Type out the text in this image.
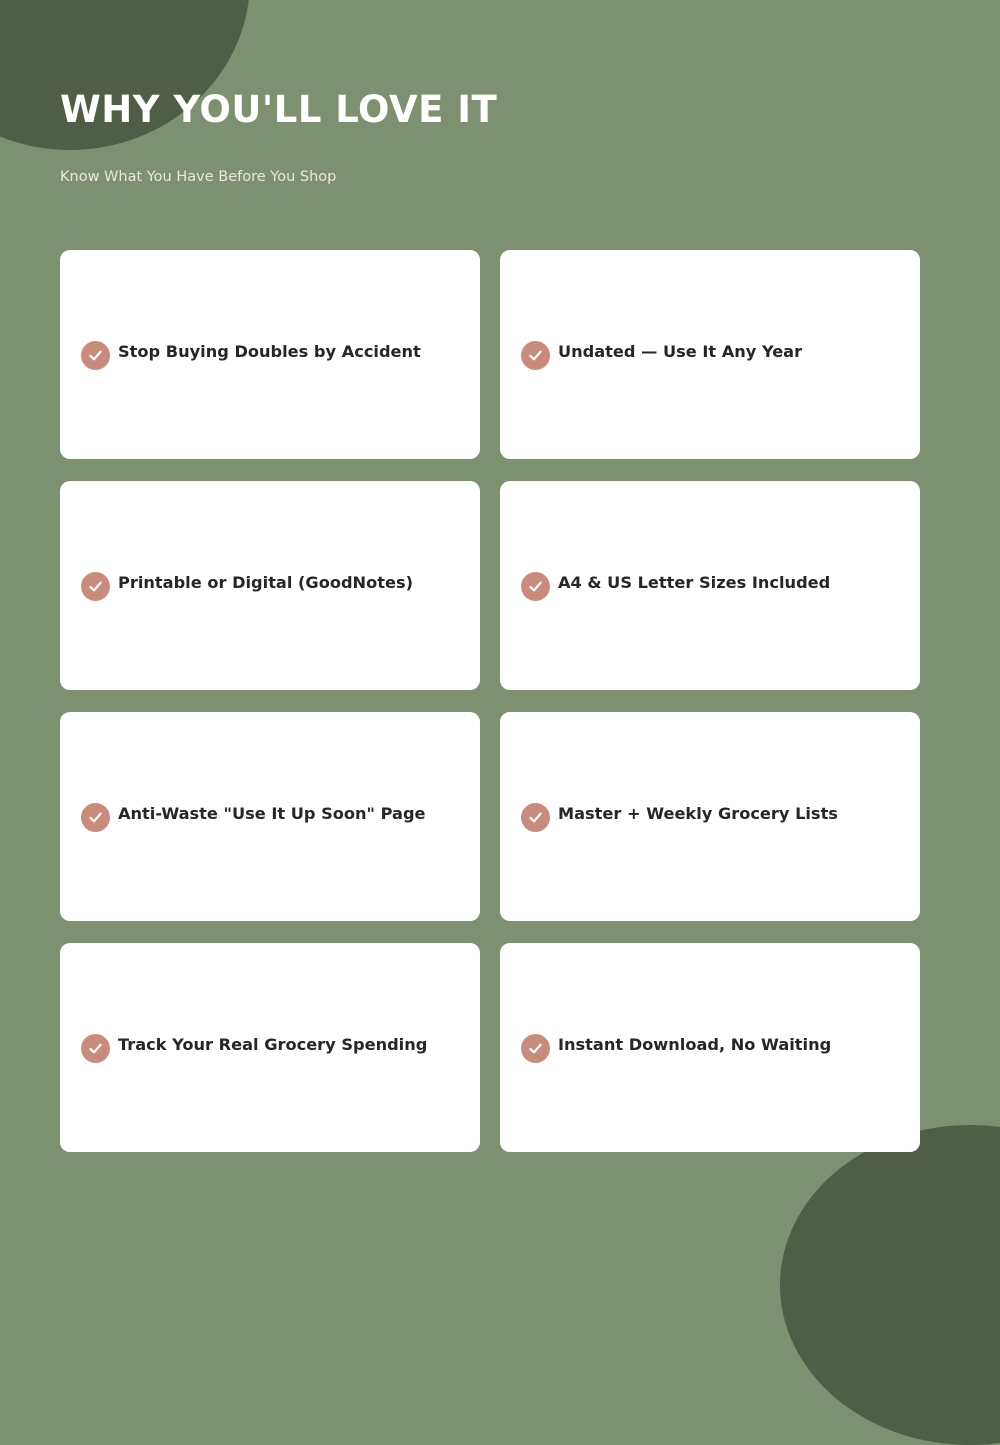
WHY YOU'LL LOVE IT

Know What You Have Before You Shop

Stop Buying Doubles by Accident	Undated — Use It Any Year
Printable or Digital (GoodNotes)	A4 & US Letter Sizes Included
Anti-Waste "Use It Up Soon" Page	Master + Weekly Grocery Lists
Track Your Real Grocery Spending	Instant Download, No Waiting
